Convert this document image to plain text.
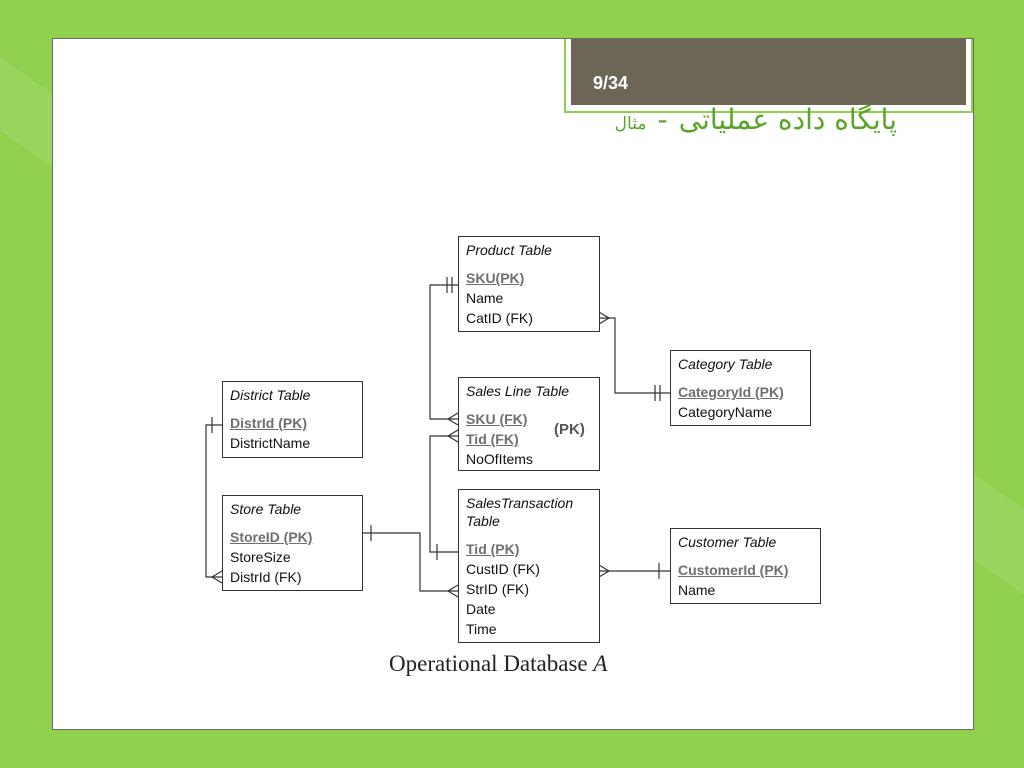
9/34
پایگاه داده عملیاتی - مثال
Product Table
SKU(PK)
Name
CatID (FK)
Category Table
CategoryId (PK)
CategoryName
District Table
DistrId (PK)
DistrictName
Sales Line Table
SKU (FK)
Tid (FK)
NoOfItems
(PK)
Store Table
StoreID (PK)
StoreSize
DistrId (FK)
SalesTransaction Table
Tid (PK)
CustID (FK)
StrID (FK)
Date
Time
Customer Table
CustomerId (PK)
Name
Operational Database A
